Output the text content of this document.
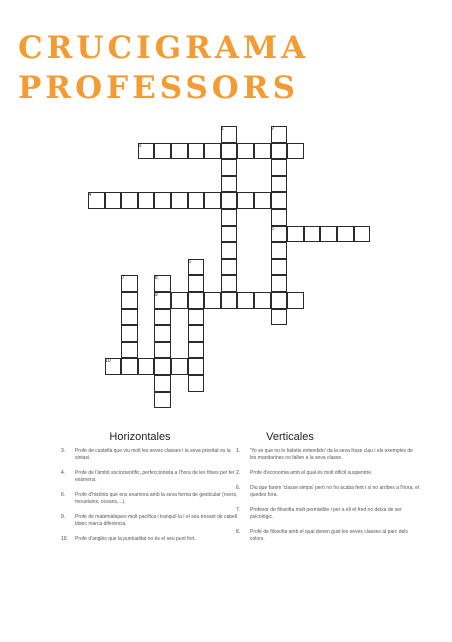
CRUCIGRAMA
PROFESSORS
3
4
5
9
10
1	2
6
7	8
Horizontales	Verticales
3. Profe de castellà que viu molt les seves classes i la seva prioritat es la sintaxi.
4. Profe de l'àmbit sociocientífic, perfeccionista a l'hora de les fitxes per fer exàmens.
6. Profe d'història que ens enamora amb la seva forma de gesticular (rivers, mountains, oceans,...).
9. Profe de matemàtiques molt pacífica i tranquil·la i el seu trosset de cabell blanc marca diferència.
10. Profe d'anglès que la puntualitat no és el seu punt fort.
1. 'Yo se que no lo habéis entendido' da la seva frase clau i els exemples de les mandarines no fallen a la seva classe.
2. Profe d'economia amb el qual és molt difícil suspendre.
6. Diu que farem 'classe simpa' però no ho acaba fent i si no arribes a l'hora, et quedes fora.
7. Profesor de filosofia molt permisible i per a ell el fred no deixa de ser psicològic.
8. Profe de filosofia amb el qual donen gust les seves classes al parc dels colors.
